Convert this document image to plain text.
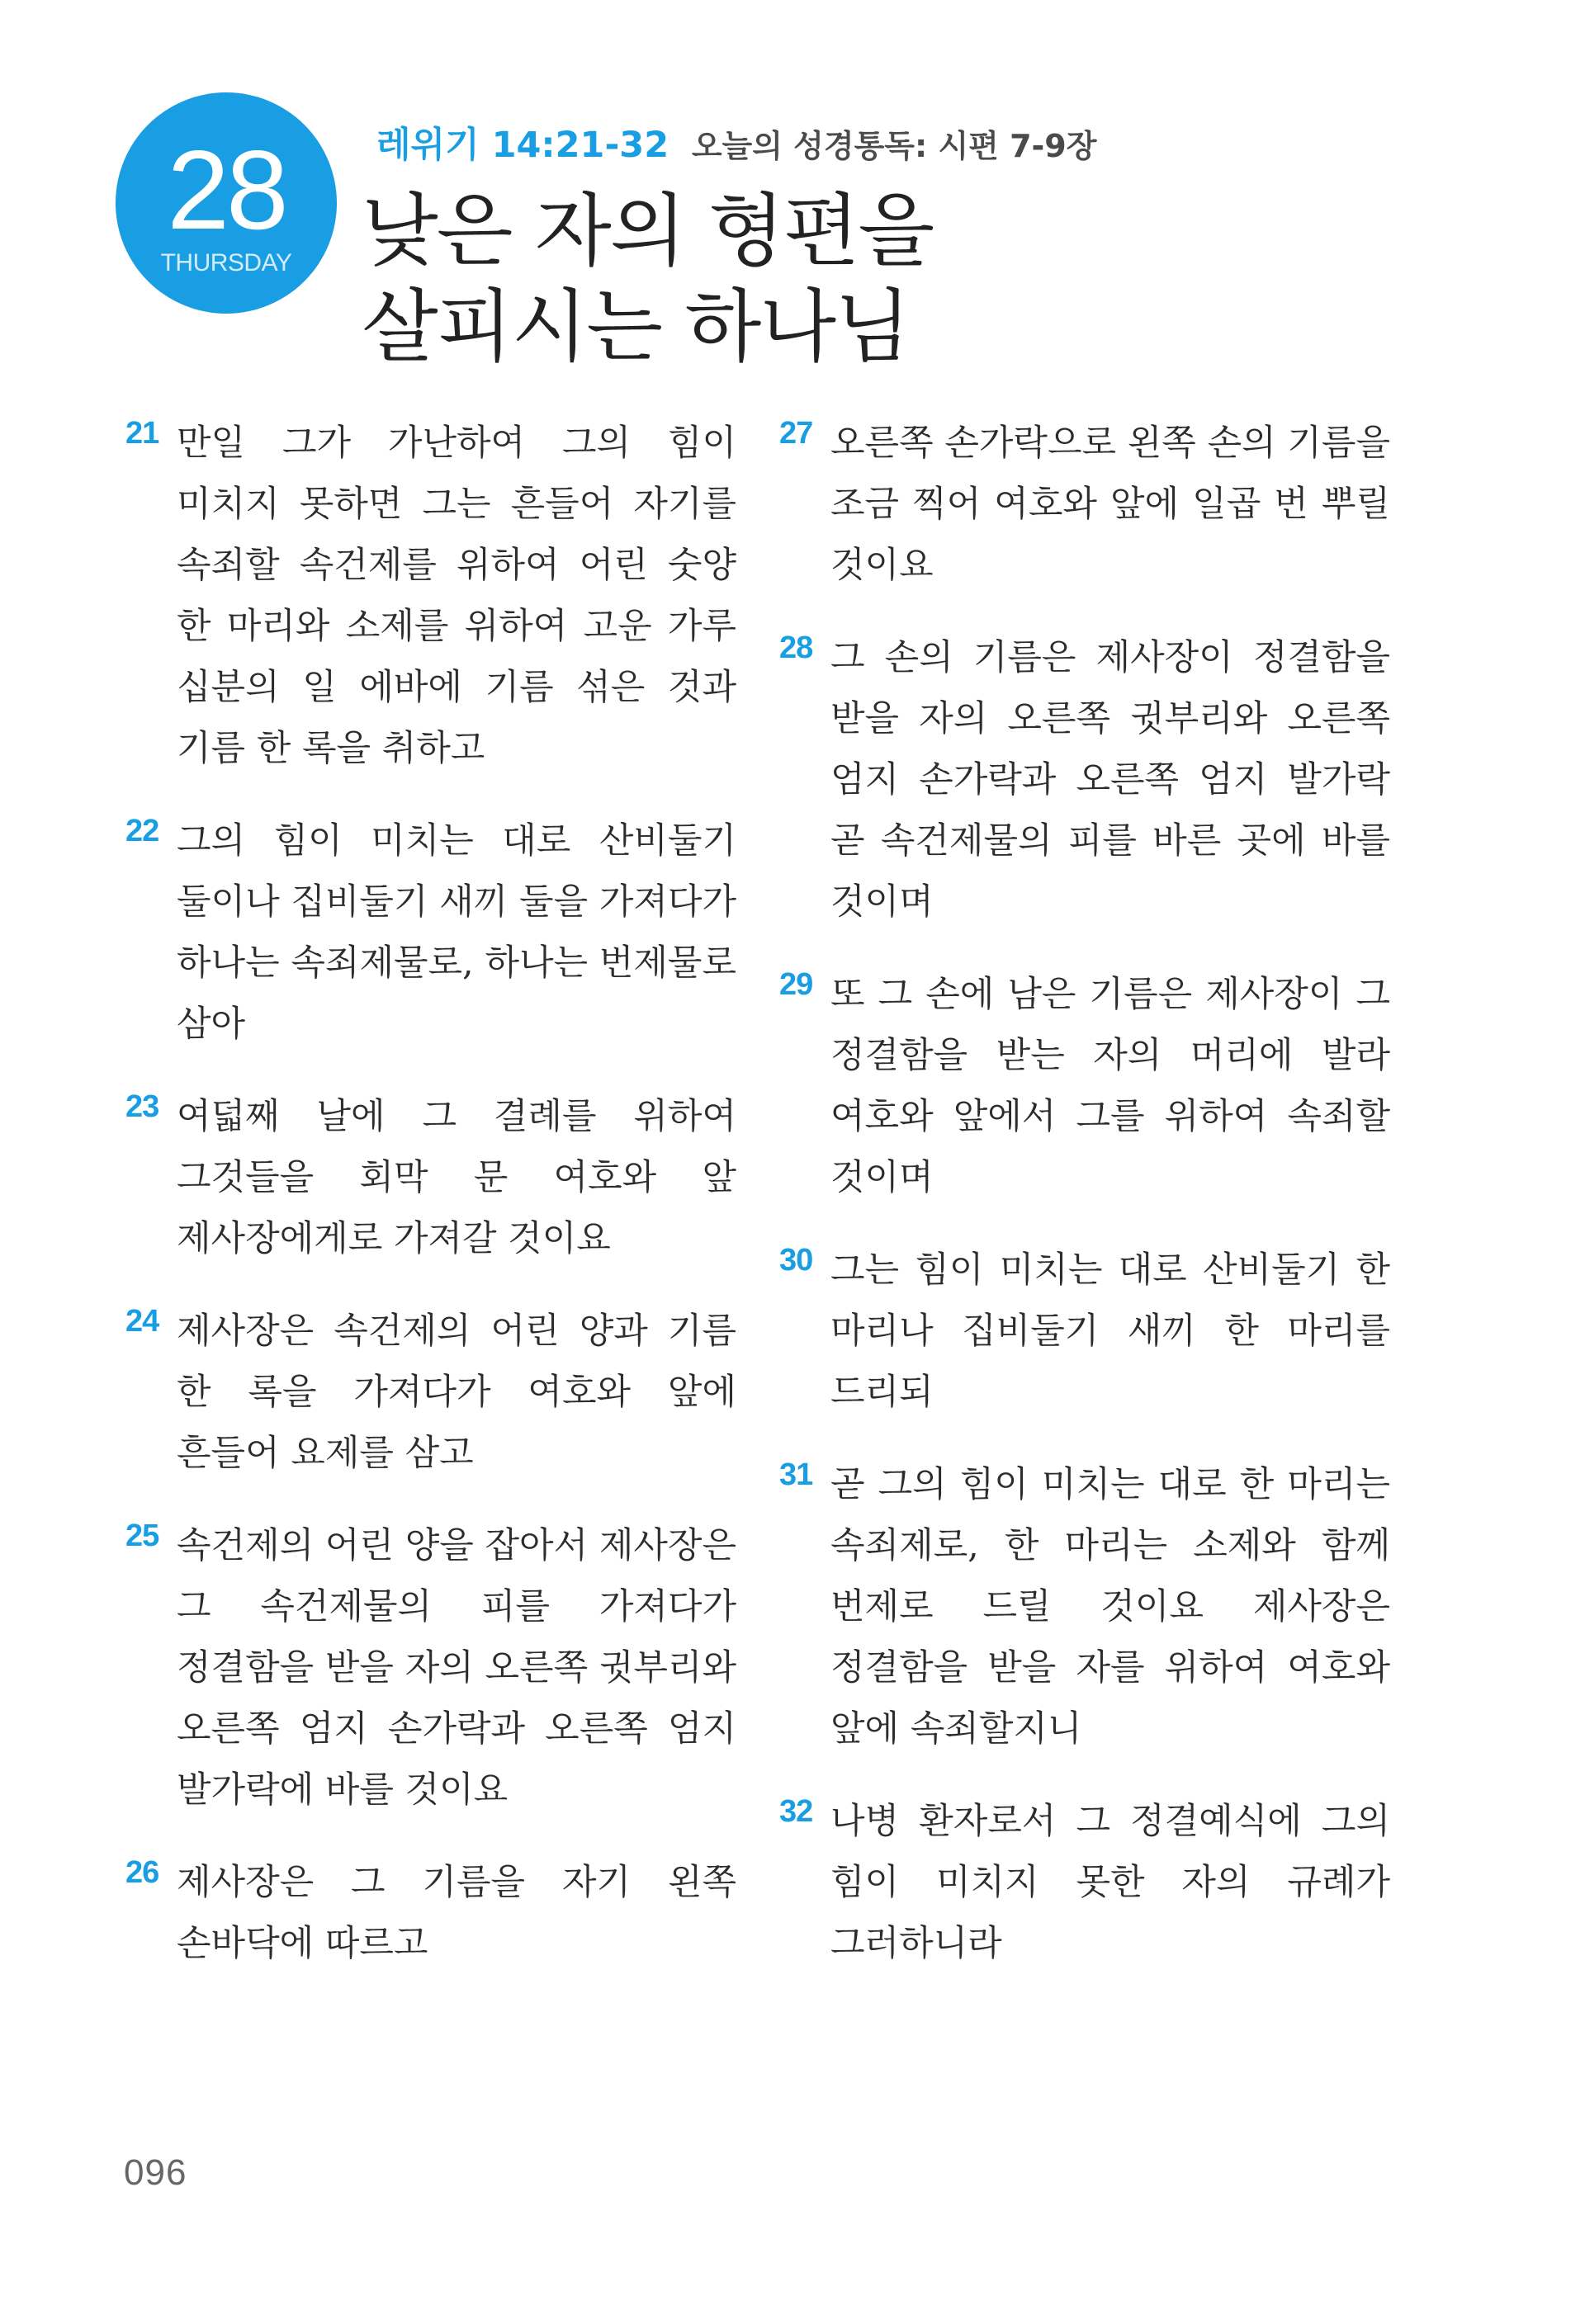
28
THURSDAY
레위기 14:21-32 오늘의 성경통독: 시편 7-9장
낮은 자의 형편을
살피시는 하나님
21 만일 그가 가난하여 그의 힘이 미치지 못하면 그는 흔들어 자기를 속죄할 속건제를 위하여 어린 숫양 한 마리와 소제를 위하여 고운 가루 십분의 일 에바에 기름 섞은 것과 기름 한 록을 취하고
22 그의 힘이 미치는 대로 산비둘기 둘이나 집비둘기 새끼 둘을 가져다가 하나는 속죄제물로, 하나는 번제물로 삼아
23 여덟째 날에 그 결례를 위하여 그것들을 회막 문 여호와 앞 제사장에게로 가져갈 것이요
24 제사장은 속건제의 어린 양과 기름 한 록을 가져다가 여호와 앞에 흔들어 요제를 삼고
25 속건제의 어린 양을 잡아서 제사장은 그 속건제물의 피를 가져다가 정결함을 받을 자의 오른쪽 귓부리와 오른쪽 엄지 손가락과 오른쪽 엄지 발가락에 바를 것이요
26 제사장은 그 기름을 자기 왼쪽 손바닥에 따르고
27 오른쪽 손가락으로 왼쪽 손의 기름을 조금 찍어 여호와 앞에 일곱 번 뿌릴 것이요
28 그 손의 기름은 제사장이 정결함을 받을 자의 오른쪽 귓부리와 오른쪽 엄지 손가락과 오른쪽 엄지 발가락 곧 속건제물의 피를 바른 곳에 바를 것이며
29 또 그 손에 남은 기름은 제사장이 그 정결함을 받는 자의 머리에 발라 여호와 앞에서 그를 위하여 속죄할 것이며
30 그는 힘이 미치는 대로 산비둘기 한 마리나 집비둘기 새끼 한 마리를 드리되
31 곧 그의 힘이 미치는 대로 한 마리는 속죄제로, 한 마리는 소제와 함께 번제로 드릴 것이요 제사장은 정결함을 받을 자를 위하여 여호와 앞에 속죄할지니
32 나병 환자로서 그 정결예식에 그의 힘이 미치지 못한 자의 규례가 그러하니라
096
